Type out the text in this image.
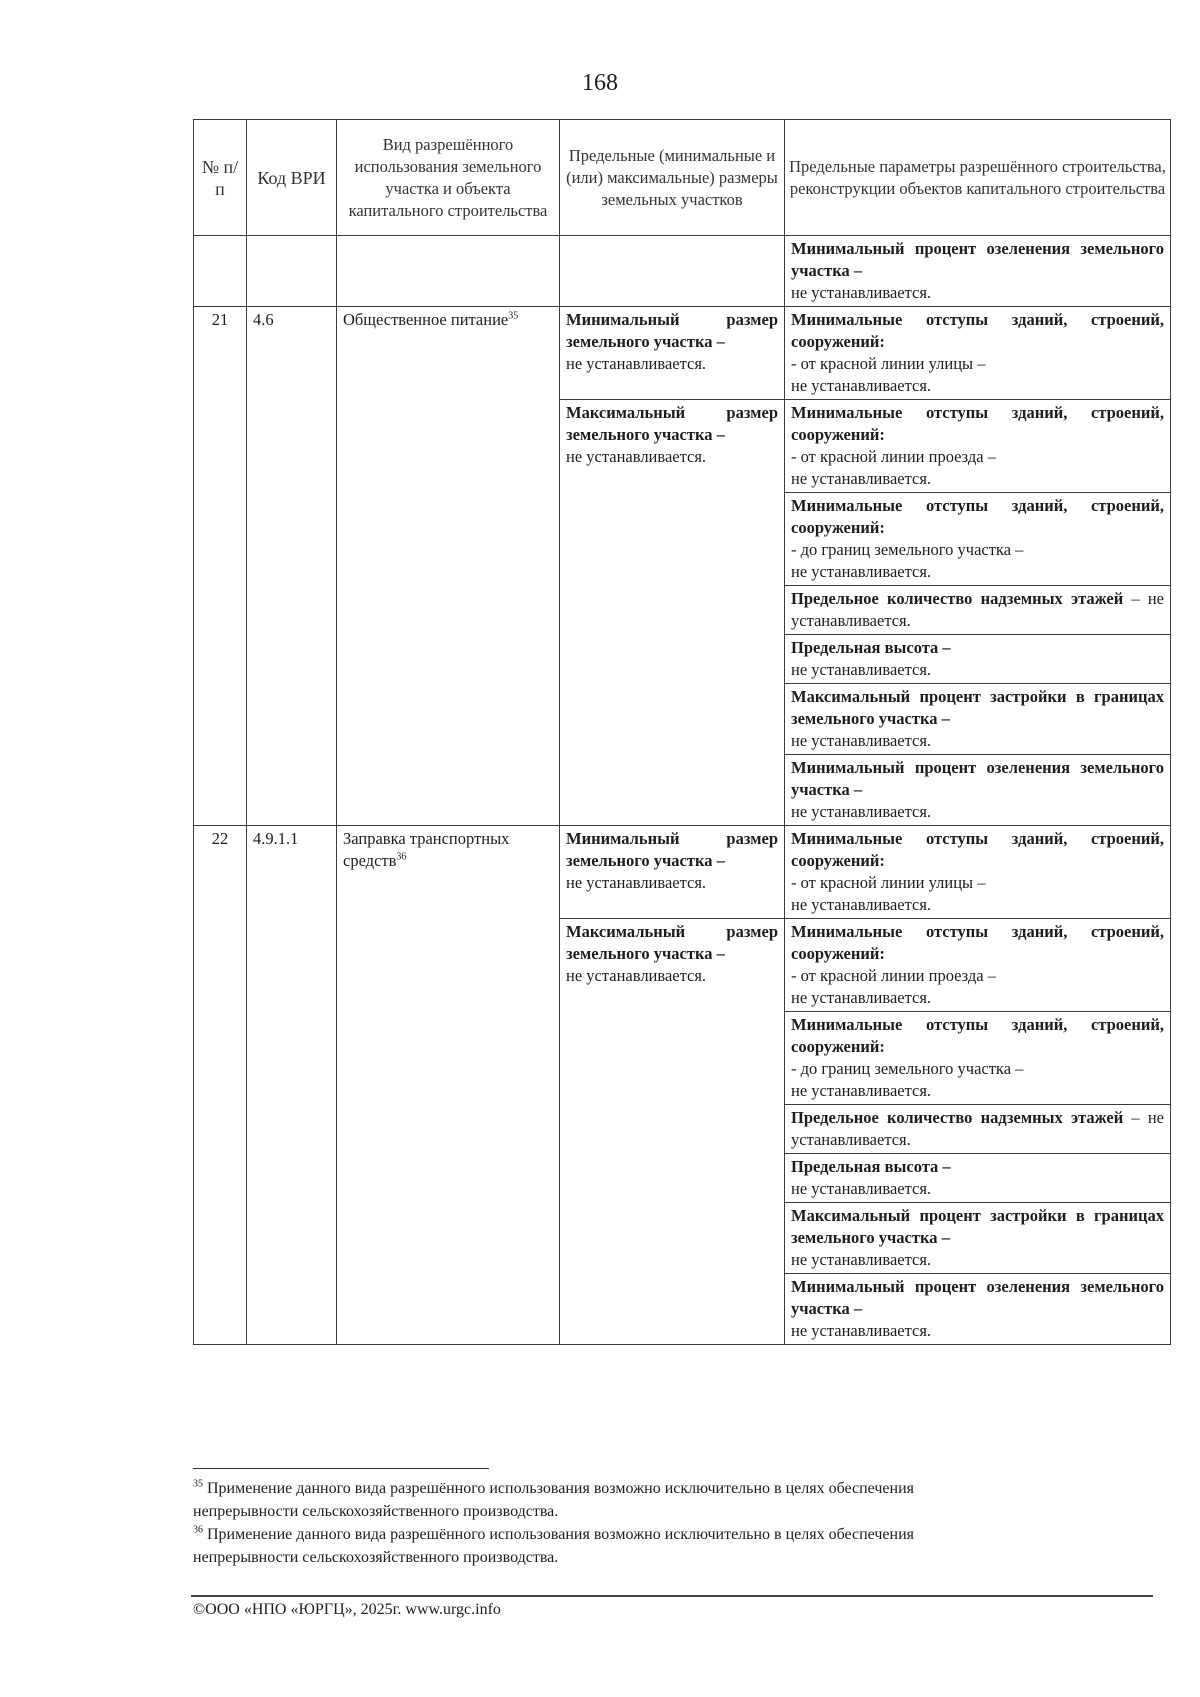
168
№ п/п	Код ВРИ	Вид разрешённого использования земельного участка и объекта капитального строительства	Предельные (минимальные и (или) максимальные) размеры земельных участков	Предельные параметры разрешённого строительства, реконструкции объектов капитального строительства
				Минимальный процент озеленения земельного участка –
не устанавливается.
21	4.6	Общественное питание$^{35}$	Минимальный размер земельного участка –
не устанавливается.	Минимальные отступы зданий, строений, сооружений:
- от красной линии улицы –
не устанавливается.
			Максимальный размер земельного участка –
не устанавливается.	Минимальные отступы зданий, строений, сооружений:
- от красной линии проезда –
не устанавливается.
				Минимальные отступы зданий, строений, сооружений:
- до границ земельного участка –
не устанавливается.
				Предельное количество надземных этажей – не устанавливается.
				Предельная высота –
не устанавливается.
				Максимальный процент застройки в границах земельного участка –
не устанавливается.
				Минимальный процент озеленения земельного участка –
не устанавливается.
22	4.9.1.1	Заправка транспортных средств$^{36}$	Минимальный размер земельного участка –
не устанавливается.	Минимальные отступы зданий, строений, сооружений:
- от красной линии улицы –
не устанавливается.
			Максимальный размер земельного участка –
не устанавливается.	Минимальные отступы зданий, строений, сооружений:
- от красной линии проезда –
не устанавливается.
				Минимальные отступы зданий, строений, сооружений:
- до границ земельного участка –
не устанавливается.
				Предельное количество надземных этажей – не устанавливается.
				Предельная высота –
не устанавливается.
				Максимальный процент застройки в границах земельного участка –
не устанавливается.
				Минимальный процент озеленения земельного участка –
не устанавливается.
$^{35}$ Применение данного вида разрешённого использования возможно исключительно в целях обеспечения непрерывности сельскохозяйственного производства.
$^{36}$ Применение данного вида разрешённого использования возможно исключительно в целях обеспечения непрерывности сельскохозяйственного производства.
©ООО «НПО «ЮРГЦ», 2025г. www.urgc.info
